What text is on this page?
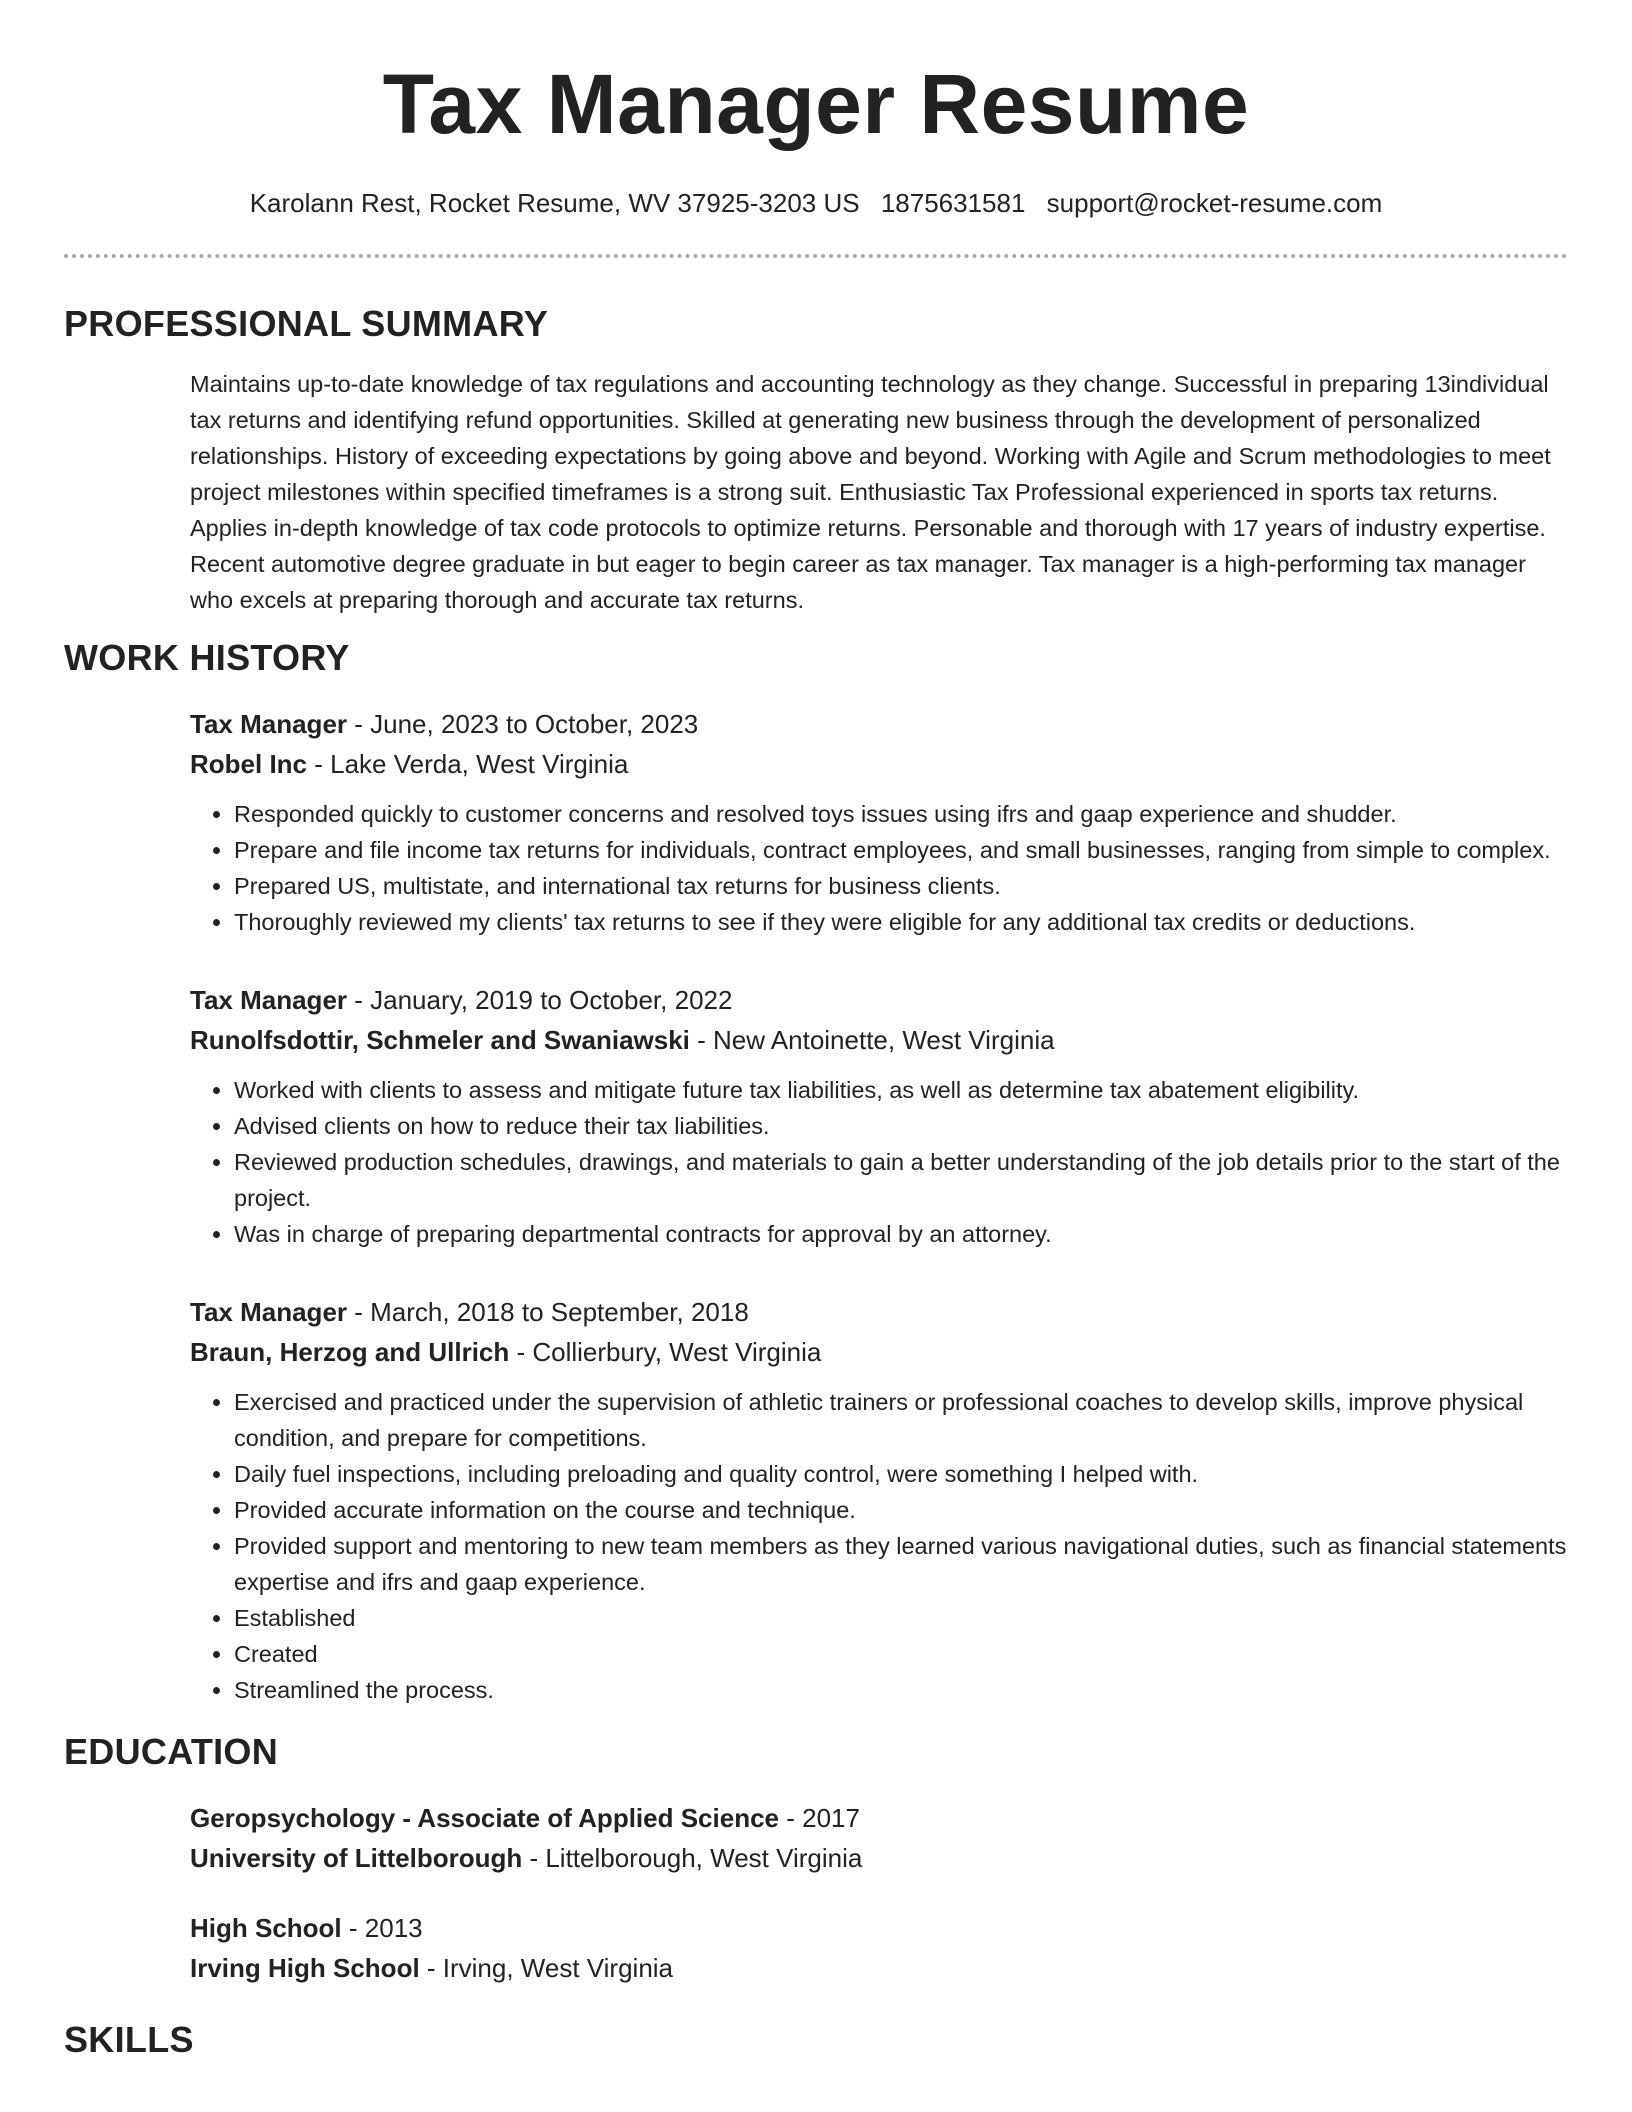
Tax Manager Resume
Karolann Rest, Rocket Resume, WV 37925-3203 US 1875631581 support@rocket-resume.com
PROFESSIONAL SUMMARY
Maintains up-to-date knowledge of tax regulations and accounting technology as they change. Successful in preparing 13individual tax returns and identifying refund opportunities. Skilled at generating new business through the development of personalized relationships. History of exceeding expectations by going above and beyond. Working with Agile and Scrum methodologies to meet project milestones within specified timeframes is a strong suit. Enthusiastic Tax Professional experienced in sports tax returns. Applies in-depth knowledge of tax code protocols to optimize returns. Personable and thorough with 17 years of industry expertise. Recent automotive degree graduate in but eager to begin career as tax manager. Tax manager is a high-performing tax manager who excels at preparing thorough and accurate tax returns.
WORK HISTORY
Tax Manager - June, 2023 to October, 2023
Robel Inc - Lake Verda, West Virginia
• Responded quickly to customer concerns and resolved toys issues using ifrs and gaap experience and shudder.
• Prepare and file income tax returns for individuals, contract employees, and small businesses, ranging from simple to complex.
• Prepared US, multistate, and international tax returns for business clients.
• Thoroughly reviewed my clients' tax returns to see if they were eligible for any additional tax credits or deductions.
Tax Manager - January, 2019 to October, 2022
Runolfsdottir, Schmeler and Swaniawski - New Antoinette, West Virginia
• Worked with clients to assess and mitigate future tax liabilities, as well as determine tax abatement eligibility.
• Advised clients on how to reduce their tax liabilities.
• Reviewed production schedules, drawings, and materials to gain a better understanding of the job details prior to the start of the project.
• Was in charge of preparing departmental contracts for approval by an attorney.
Tax Manager - March, 2018 to September, 2018
Braun, Herzog and Ullrich - Collierbury, West Virginia
• Exercised and practiced under the supervision of athletic trainers or professional coaches to develop skills, improve physical condition, and prepare for competitions.
• Daily fuel inspections, including preloading and quality control, were something I helped with.
• Provided accurate information on the course and technique.
• Provided support and mentoring to new team members as they learned various navigational duties, such as financial statements expertise and ifrs and gaap experience.
• Established
• Created
• Streamlined the process.
EDUCATION
Geropsychology - Associate of Applied Science - 2017
University of Littelborough - Littelborough, West Virginia
High School - 2013
Irving High School - Irving, West Virginia
SKILLS
